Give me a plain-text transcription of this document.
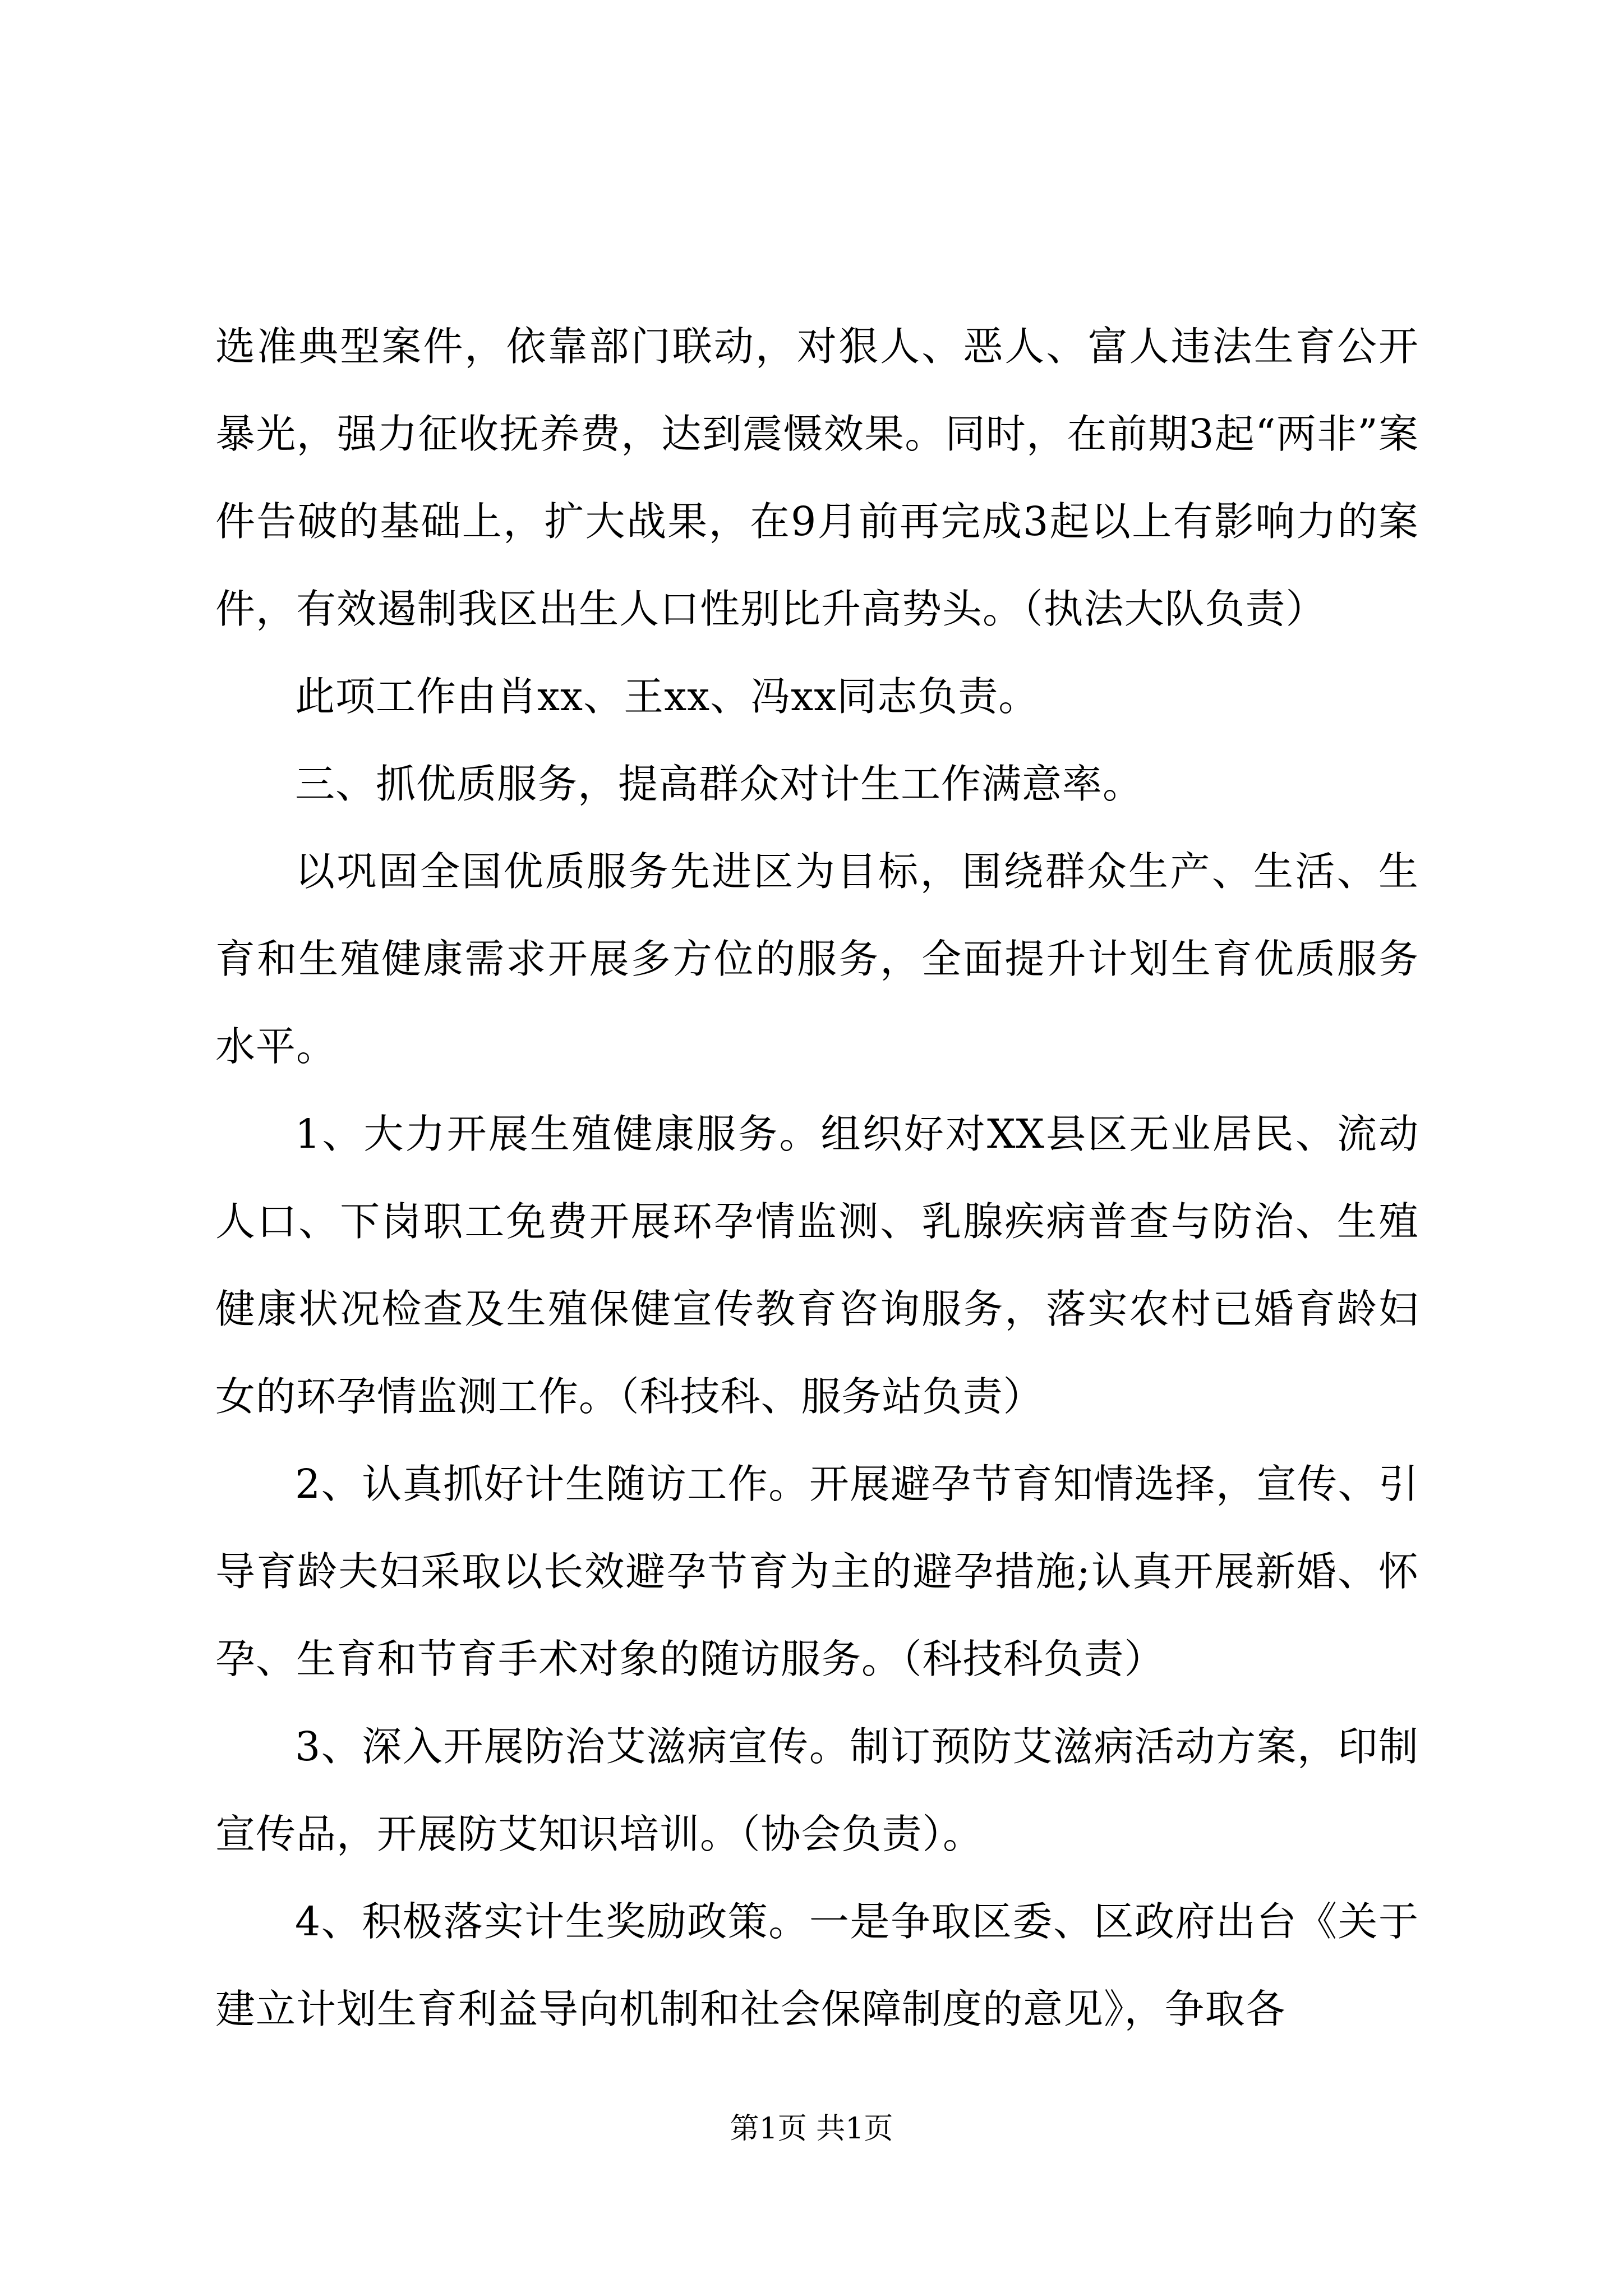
选准典型案件，依靠部门联动，对狠人、恶人、富人违法生育公开暴光，强力征收抚养费，达到震慑效果。同时，在前期3起“两非”案件告破的基础上，扩大战果，在9月前再完成3起以上有影响力的案件，有效遏制我区出生人口性别比升高势头。（执法大队负责）

此项工作由肖xx、王xx、冯xx同志负责。

三、抓优质服务，提高群众对计生工作满意率。

以巩固全国优质服务先进区为目标，围绕群众生产、生活、生育和生殖健康需求开展多方位的服务，全面提升计划生育优质服务水平。

1、大力开展生殖健康服务。组织好对XX县区无业居民、流动人口、下岗职工免费开展环孕情监测、乳腺疾病普查与防治、生殖健康状况检查及生殖保健宣传教育咨询服务，落实农村已婚育龄妇女的环孕情监测工作。（科技科、服务站负责）

2、认真抓好计生随访工作。开展避孕节育知情选择，宣传、引导育龄夫妇采取以长效避孕节育为主的避孕措施;认真开展新婚、怀孕、生育和节育手术对象的随访服务。（科技科负责）

3、深入开展防治艾滋病宣传。制订预防艾滋病活动方案，印制宣传品，开展防艾知识培训。（协会负责）。

4、积极落实计生奖励政策。一是争取区委、区政府出台《关于建立计划生育利益导向机制和社会保障制度的意见》，争取各

第1页 共1页
